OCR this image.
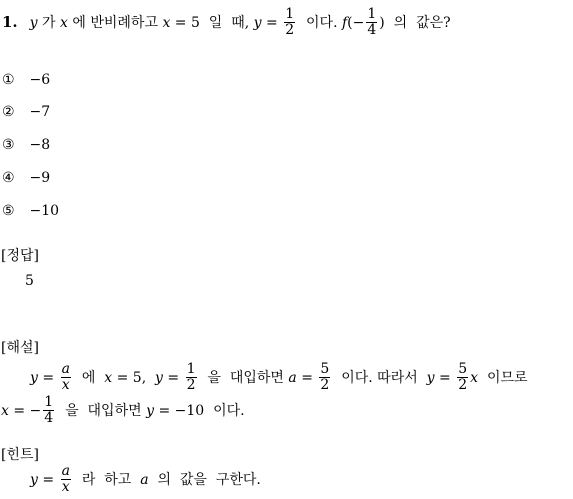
1. y 가 x 에 반비례하고 x = 5  일  때, $y = \frac{1}{2}$ 이다. f (− $\frac{1}{4}$ )  의  값은?
① −6
② −7
③ −8
④ −9
⑤ −10
[정답]
5
[해설]
$y = \frac{a}{x}$ 에 x = 5, $y = \frac{1}{2}$ 을  대입하면 $a = \frac{5}{2}$ 이다. 따라서 $y = \frac{5}{2}$ x 이므로
x = − $\frac{1}{4}$ 을  대입하면 y = −10  이다.
[힌트]
$y = \frac{a}{x}$ 라  하고 a 의  값을  구한다.
